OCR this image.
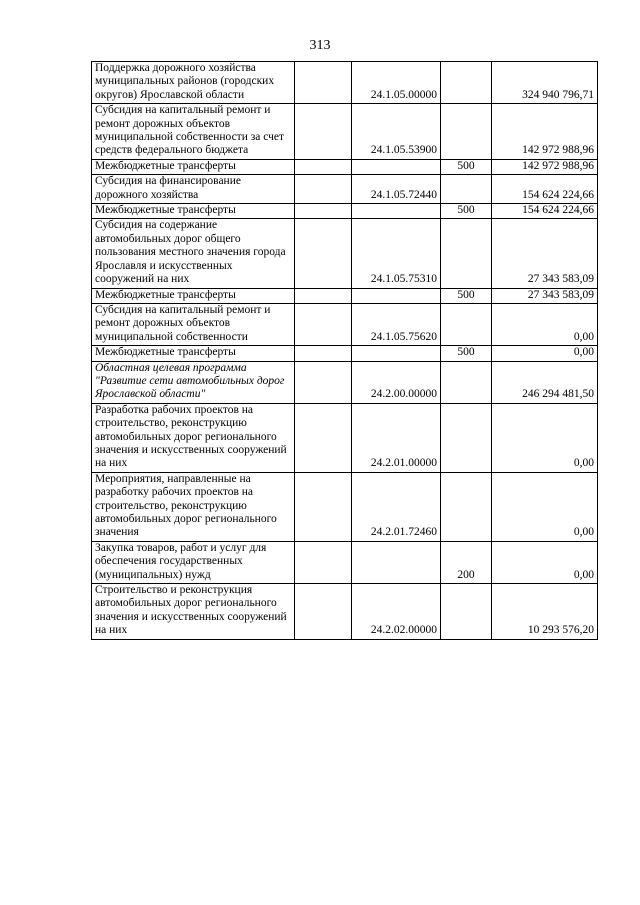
313
Поддержка дорожного хозяйства муниципальных районов (городских округов) Ярославской области		24.1.05.00000		324 940 796,71
Субсидия на капитальный ремонт и ремонт дорожных объектов муниципальной собственности за счет средств федерального бюджета		24.1.05.53900		142 972 988,96
Межбюджетные трансферты			500	142 972 988,96
Субсидия на финансирование дорожного хозяйства		24.1.05.72440		154 624 224,66
Межбюджетные трансферты			500	154 624 224,66
Субсидия на содержание автомобильных дорог общего пользования местного значения города Ярославля и искусственных сооружений на них		24.1.05.75310		27 343 583,09
Межбюджетные трансферты			500	27 343 583,09
Субсидия на капитальный ремонт и ремонт дорожных объектов муниципальной собственности		24.1.05.75620		0,00
Межбюджетные трансферты			500	0,00
Областная целевая программа "Развитие сети автомобильных дорог Ярославской области"		24.2.00.00000		246 294 481,50
Разработка рабочих проектов на строительство, реконструкцию автомобильных дорог регионального значения и искусственных сооружений на них		24.2.01.00000		0,00
Мероприятия, направленные на разработку рабочих проектов на строительство, реконструкцию автомобильных дорог регионального значения		24.2.01.72460		0,00
Закупка товаров, работ и услуг для обеспечения государственных (муниципальных) нужд			200	0,00
Строительство и реконструкция автомобильных дорог регионального значения и искусственных сооружений на них		24.2.02.00000		10 293 576,20
